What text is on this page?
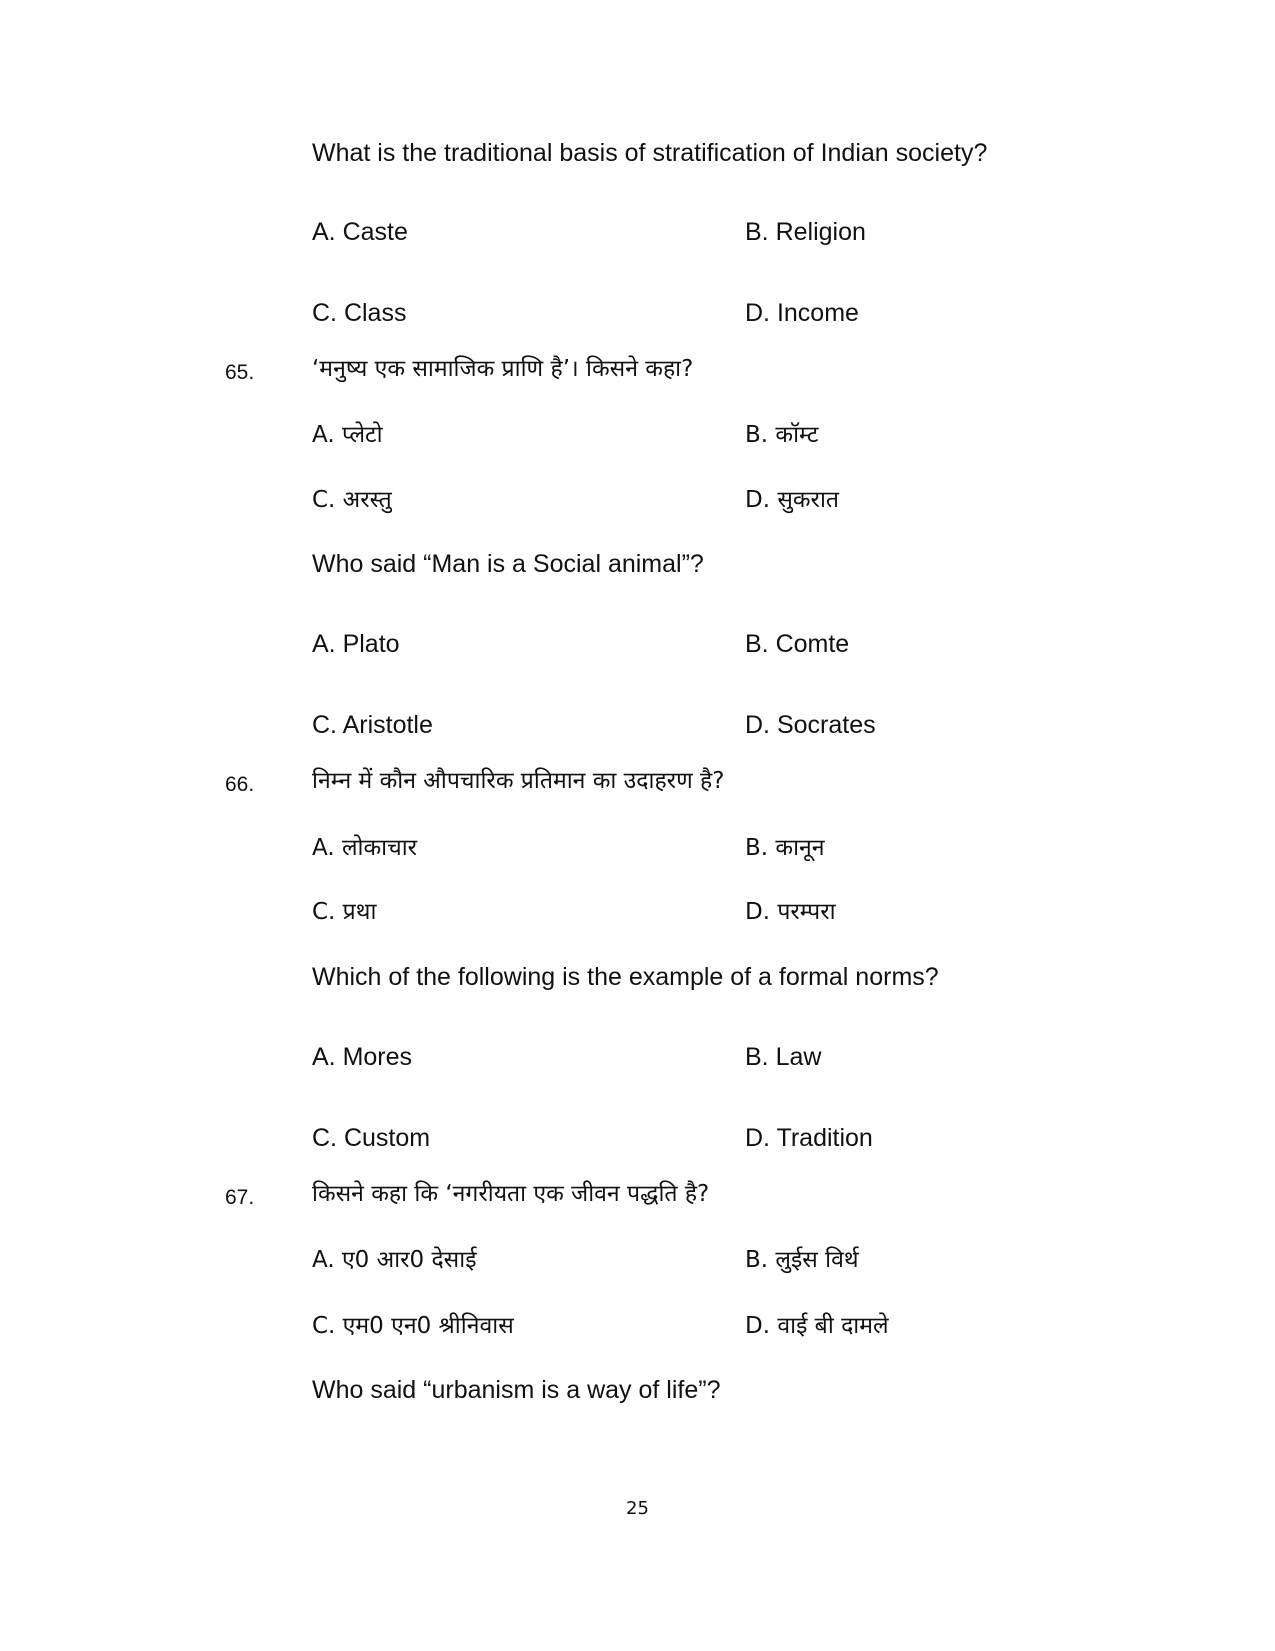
What is the traditional basis of stratification of Indian society?
A. Caste	B. Religion
C. Class	D. Income
65.	‘मनुष्य एक सामाजिक प्राणि है’। किसने कहा?
A. प्लेटो	B. कॉम्ट
C. अरस्तु	D. सुकरात
Who said “Man is a Social animal”?
A. Plato	B. Comte
C. Aristotle	D. Socrates
66.	निम्न में कौन औपचारिक प्रतिमान का उदाहरण है?
A. लोकाचार	B. कानून
C. प्रथा	D. परम्परा
Which of the following is the example of a formal norms?
A. Mores	B. Law
C. Custom	D. Tradition
67.	किसने कहा कि ‘नगरीयता एक जीवन पद्धति है?
A. ए0 आर0 देसाई	B. लुईस विर्थ
C. एम0 एन0 श्रीनिवास	D. वाई बी दामले
Who said “urbanism is a way of life”?
25
